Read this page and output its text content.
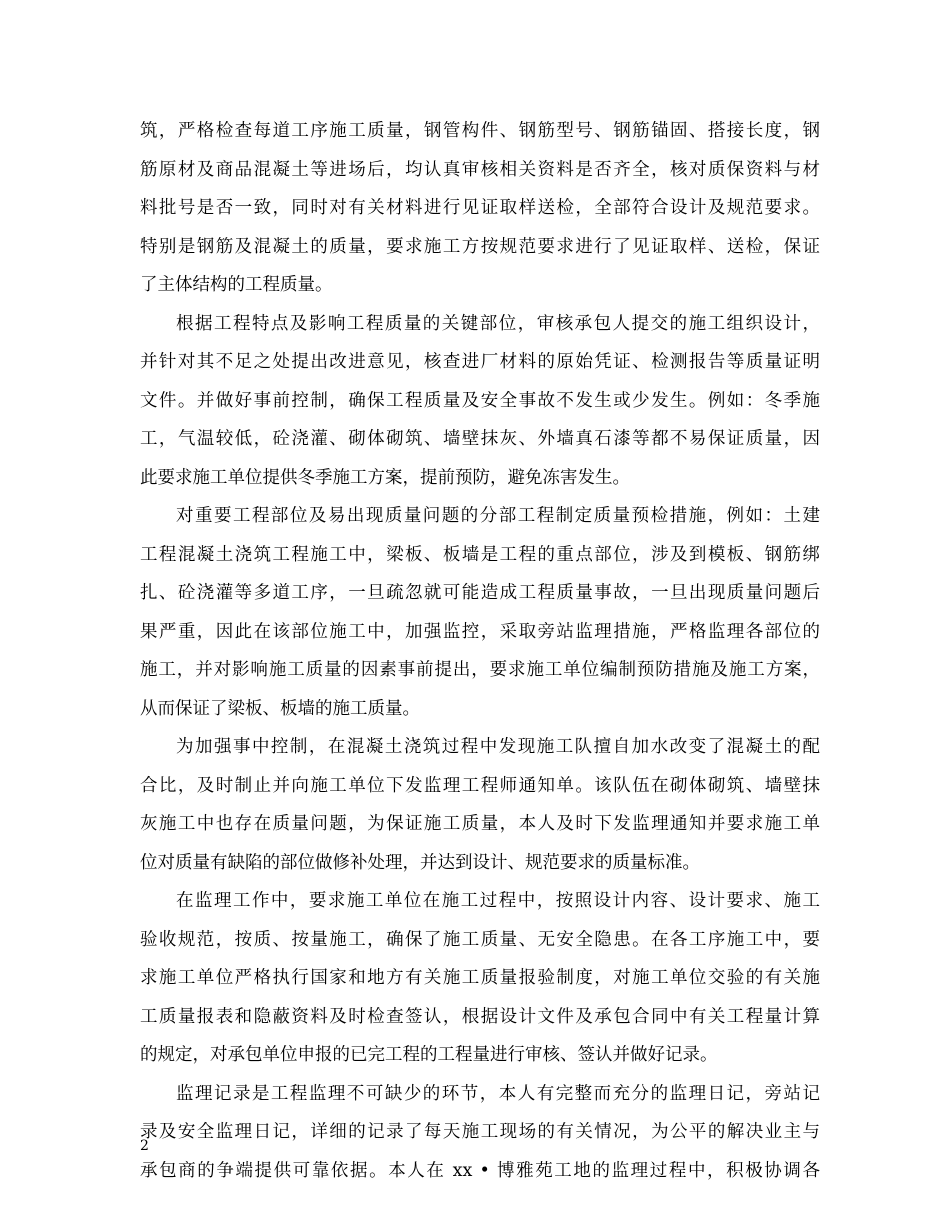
筑，严格检查每道工序施工质量，钢管构件、钢筋型号、钢筋锚固、搭接长度，钢
筋原材及商品混凝土等进场后，均认真审核相关资料是否齐全，核对质保资料与材
料批号是否一致，同时对有关材料进行见证取样送检，全部符合设计及规范要求。
特别是钢筋及混凝土的质量，要求施工方按规范要求进行了见证取样、送检，保证
了主体结构的工程质量。
根据工程特点及影响工程质量的关键部位，审核承包人提交的施工组织设计，
并针对其不足之处提出改进意见，核查进厂材料的原始凭证、检测报告等质量证明
文件。并做好事前控制，确保工程质量及安全事故不发生或少发生。例如：冬季施
工，气温较低，砼浇灌、砌体砌筑、墙壁抹灰、外墙真石漆等都不易保证质量，因
此要求施工单位提供冬季施工方案，提前预防，避免冻害发生。
对重要工程部位及易出现质量问题的分部工程制定质量预检措施，例如：土建
工程混凝土浇筑工程施工中，梁板、板墙是工程的重点部位，涉及到模板、钢筋绑
扎、砼浇灌等多道工序，一旦疏忽就可能造成工程质量事故，一旦出现质量问题后
果严重，因此在该部位施工中，加强监控，采取旁站监理措施，严格监理各部位的
施工，并对影响施工质量的因素事前提出，要求施工单位编制预防措施及施工方案，
从而保证了梁板、板墙的施工质量。
为加强事中控制，在混凝土浇筑过程中发现施工队擅自加水改变了混凝土的配
合比，及时制止并向施工单位下发监理工程师通知单。该队伍在砌体砌筑、墙壁抹
灰施工中也存在质量问题，为保证施工质量，本人及时下发监理通知并要求施工单
位对质量有缺陷的部位做修补处理，并达到设计、规范要求的质量标准。
在监理工作中，要求施工单位在施工过程中，按照设计内容、设计要求、施工
验收规范，按质、按量施工，确保了施工质量、无安全隐患。在各工序施工中，要
求施工单位严格执行国家和地方有关施工质量报验制度，对施工单位交验的有关施
工质量报表和隐蔽资料及时检查签认，根据设计文件及承包合同中有关工程量计算
的规定，对承包单位申报的已完工程的工程量进行审核、签认并做好记录。
监理记录是工程监理不可缺少的环节，本人有完整而充分的监理日记，旁站记
录及安全监理日记，详细的记录了每天施工现场的有关情况，为公平的解决业主与
承包商的争端提供可靠依据。本人在 xx • 博雅苑工地的监理过程中，积极协调各
2
